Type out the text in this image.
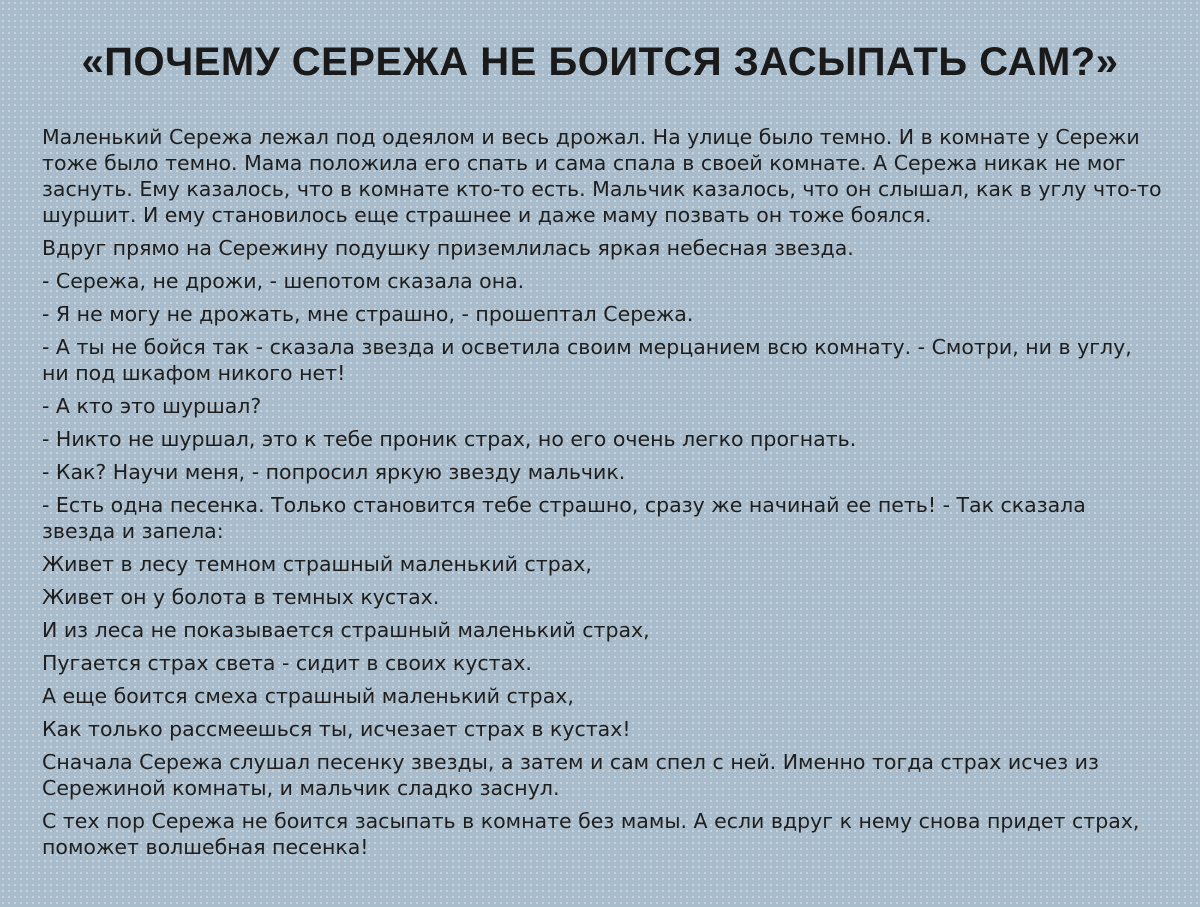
«ПОЧЕМУ СЕРЕЖА НЕ БОИТСЯ ЗАСЫПАТЬ САМ?»

Маленький Сережа лежал под одеялом и весь дрожал. На улице было темно. И в комнате у Сережи тоже было темно. Мама положила его спать и сама спала в своей комнате. А Сережа никак не мог заснуть. Ему казалось, что в комнате кто-то есть. Мальчик казалось, что он слышал, как в углу что-то шуршит. И ему становилось еще страшнее и даже маму позвать он тоже боялся.

Вдруг прямо на Сережину подушку приземлилась яркая небесная звезда.

- Сережа, не дрожи, - шепотом сказала она.

- Я не могу не дрожать, мне страшно, - прошептал Сережа.

- А ты не бойся так - сказала звезда и осветила своим мерцанием всю комнату. - Смотри, ни в углу, ни под шкафом никого нет!

- А кто это шуршал?

- Никто не шуршал, это к тебе проник страх, но его очень легко прогнать.

- Как? Научи меня, - попросил яркую звезду мальчик.

- Есть одна песенка. Только становится тебе страшно, сразу же начинай ее петь! - Так сказала звезда и запела:

Живет в лесу темном страшный маленький страх,

Живет он у болота в темных кустах.

И из леса не показывается страшный маленький страх,

Пугается страх света - сидит в своих кустах.

А еще боится смеха страшный маленький страх,

Как только рассмеешься ты, исчезает страх в кустах!

Сначала Сережа слушал песенку звезды, а затем и сам спел с ней. Именно тогда страх исчез из Сережиной комнаты, и мальчик сладко заснул.

С тех пор Сережа не боится засыпать в комнате без мамы. А если вдруг к нему снова придет страх, поможет волшебная песенка!
